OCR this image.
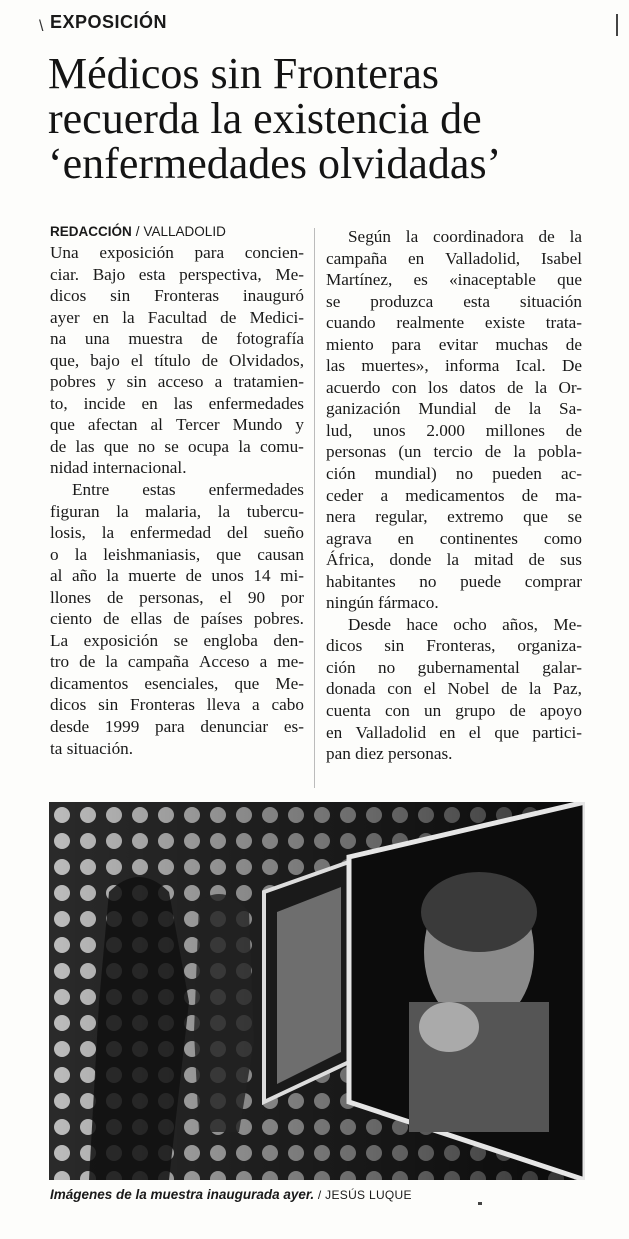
\ EXPOSICIÓN
Médicos sin Fronteras
recuerda la existencia de
‘enfermedades olvidadas’
REDACCIÓN / VALLADOLID
Una exposición para concien-
ciar. Bajo esta perspectiva, Me-
dicos sin Fronteras inauguró
ayer en la Facultad de Medici-
na una muestra de fotografía
que, bajo el título de Olvidados,
pobres y sin acceso a tratamien-
to, incide en las enfermedades
que afectan al Tercer Mundo y
de las que no se ocupa la comu-
nidad internacional.
Entre estas enfermedades
figuran la malaria, la tubercu-
losis, la enfermedad del sueño
o la leishmaniasis, que causan
al año la muerte de unos 14 mi-
llones de personas, el 90 por
ciento de ellas de países pobres.
La exposición se engloba den-
tro de la campaña Acceso a me-
dicamentos esenciales, que Me-
dicos sin Fronteras lleva a cabo
desde 1999 para denunciar es-
ta situación.
Según la coordinadora de la
campaña en Valladolid, Isabel
Martínez, es «inaceptable que
se produzca esta situación
cuando realmente existe trata-
miento para evitar muchas de
las muertes», informa Ical. De
acuerdo con los datos de la Or-
ganización Mundial de la Sa-
lud, unos 2.000 millones de
personas (un tercio de la pobla-
ción mundial) no pueden ac-
ceder a medicamentos de ma-
nera regular, extremo que se
agrava en continentes como
África, donde la mitad de sus
habitantes no puede comprar
ningún fármaco.
Desde hace ocho años, Me-
dicos sin Fronteras, organiza-
ción no gubernamental galar-
donada con el Nobel de la Paz,
cuenta con un grupo de apoyo
en Valladolid en el que partici-
pan diez personas.
Imágenes de la muestra inaugurada ayer. / JESÚS LUQUE
